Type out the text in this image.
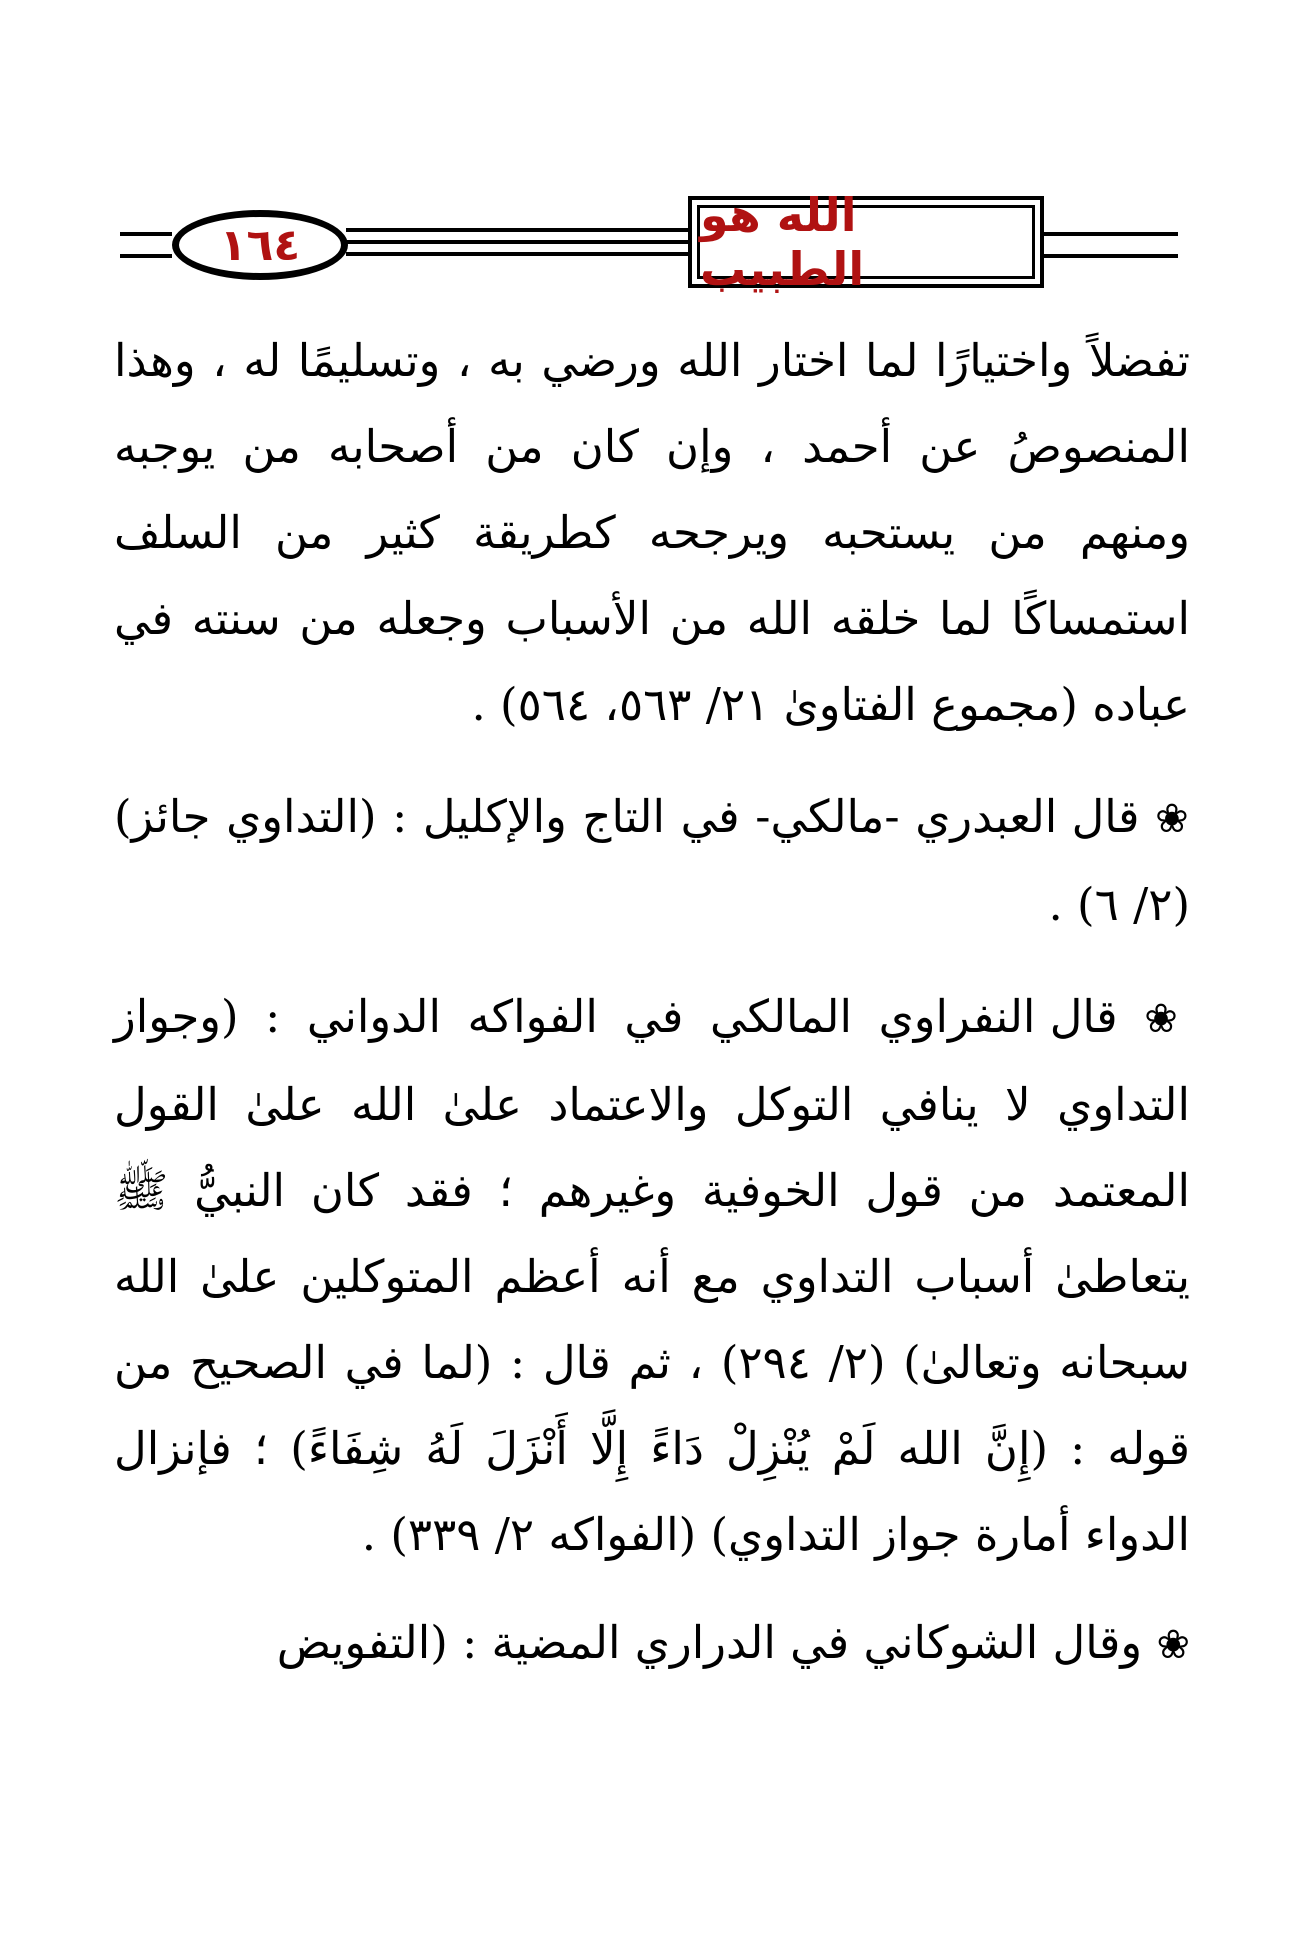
١٦٤
الله هو الطبيب

تفضلاً واختيارًا لما اختار الله ورضي به ، وتسليمًا له ، وهذا المنصوصُ عن أحمد ، وإن كان من أصحابه من يوجبه ومنهم من يستحبه ويرجحه كطريقة كثير من السلف استمساكًا لما خلقه الله من الأسباب وجعله من سنته في عباده (مجموع الفتاوىٰ ٢١/ ٥٦٣، ٥٦٤) .

❀ قال العبدري -مالكي- في التاج والإكليل : (التداوي جائز) (٢/ ٦) .

❀ قال النفراوي المالكي في الفواكه الدواني : (وجواز التداوي لا ينافي التوكل والاعتماد علىٰ الله علىٰ القول المعتمد من قول الخوفية وغيرهم ؛ فقد كان النبيُّ ﷺ يتعاطىٰ أسباب التداوي مع أنه أعظم المتوكلين علىٰ الله سبحانه وتعالىٰ) (٢/ ٢٩٤) ، ثم قال : (لما في الصحيح من قوله : (إِنَّ الله لَمْ يُنْزِلْ دَاءً إِلَّا أَنْزَلَ لَهُ شِفَاءً) ؛ فإنزال الدواء أمارة جواز التداوي) (الفواكه ٢/ ٣٣٩) .

❀ وقال الشوكاني في الدراري المضية : (التفويض
